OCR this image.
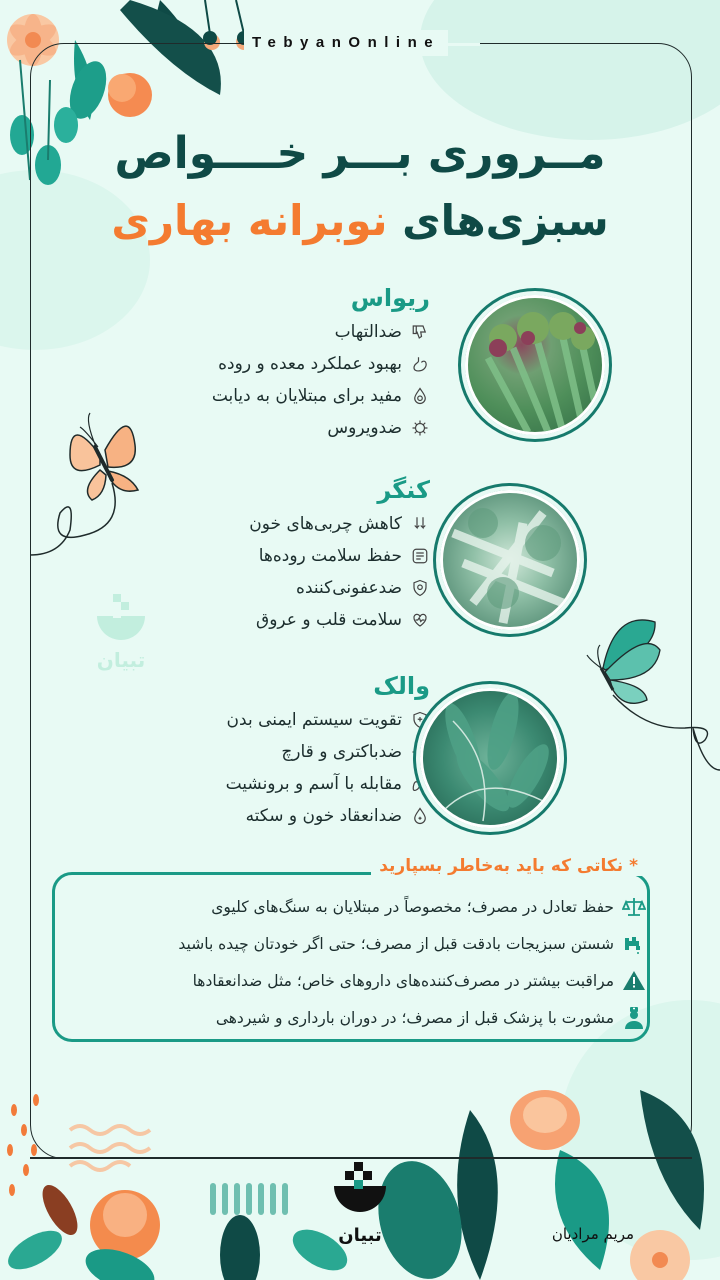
TebyanOnline
مــروری بـــر خــــواص
سبزی‌های نوبرانه بهاری
ریواس
ضدالتهاب
بهبود عملکرد معده و روده
مفید برای مبتلایان به دیابت
ضدویروس
کنگر
کاهش چربی‌های خون
حفظ سلامت روده‌ها
ضدعفونی‌کننده
سلامت قلب و عروق
والک
تقویت سیستم ایمنی بدن
ضدباکتری و قارچ
مقابله با آسم و برونشیت
ضدانعقاد خون و سکته
تبیان
* نکاتی که باید به‌خاطر بسپارید
حفظ تعادل در مصرف؛ مخصوصاً در مبتلایان به سنگ‌های کلیوی
شستن سبزیجات بادقت قبل از مصرف؛ حتی اگر خودتان چیده باشید
مراقبت بیشتر در مصرف‌کننده‌های داروهای خاص؛ مثل ضدانعقادها
مشورت با پزشک قبل از مصرف؛ در دوران بارداری و شیردهی
تبیان	مریم مرادیان
